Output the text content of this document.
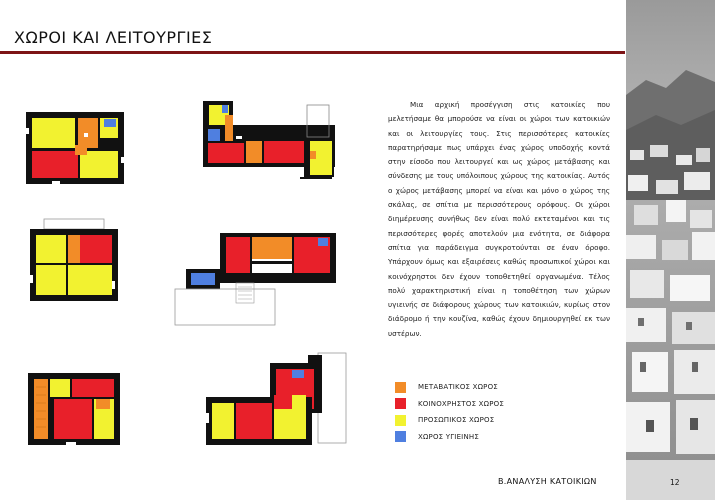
ΧΩΡΟΙ ΚΑΙ ΛΕΙΤΟΥΡΓΙΕΣ
Μια αρχική προσέγγιση στις κατοικίες που μελετήσαμε θα μπορούσε να είναι οι χώροι των κατοικιών και οι λειτουργίες τους. Στις περισσότερες κατοικίες παρατηρήσαμε πως υπάρχει ένας χώρος υποδοχής κοντά στην είσοδο που λειτουργεί και ως χώρος μετάβασης και σύνδεσης με τους υπόλοιπους χώρους της κατοικίας. Αυτός ο χώρος μετάβασης μπορεί να είναι και μόνο ο χώρος της σκάλας, σε σπίτια με περισσότερους ορόφους. Οι χώροι διημέρευσης συνήθως δεν είναι πολύ εκτεταμένοι και τις περισσότερες φορές αποτελούν μια ενότητα, σε διάφορα σπίτια για παράδειγμα συγκροτούνται σε έναν όροφο. Υπάρχουν όμως και εξαιρέσεις καθώς προσωπικοί χώροι και κοινόχρηστοι δεν έχουν τοποθετηθεί οργανωμένα. Τέλος πολύ χαρακτηριστική είναι η τοποθέτηση των χώρων υγιεινής σε διάφορους χώρους των κατοικιών, κυρίως στον διάδρομο ή την κουζίνα, καθώς έχουν δημιουργηθεί εκ των υστέρων.
ΜΕΤΑΒΑΤΙΚΟΣ ΧΩΡΟΣ
ΚΟΙΝΟΧΡΗΣΤΟΣ ΧΩΡΟΣ
ΠΡΟΣΩΠΙΚΟΣ ΧΩΡΟΣ
ΧΩΡΟΣ ΥΓΙΕΙΝΗΣ
Β.ΑΝΑΛΥΣΗ ΚΑΤΟΙΚΙΩΝ	12
